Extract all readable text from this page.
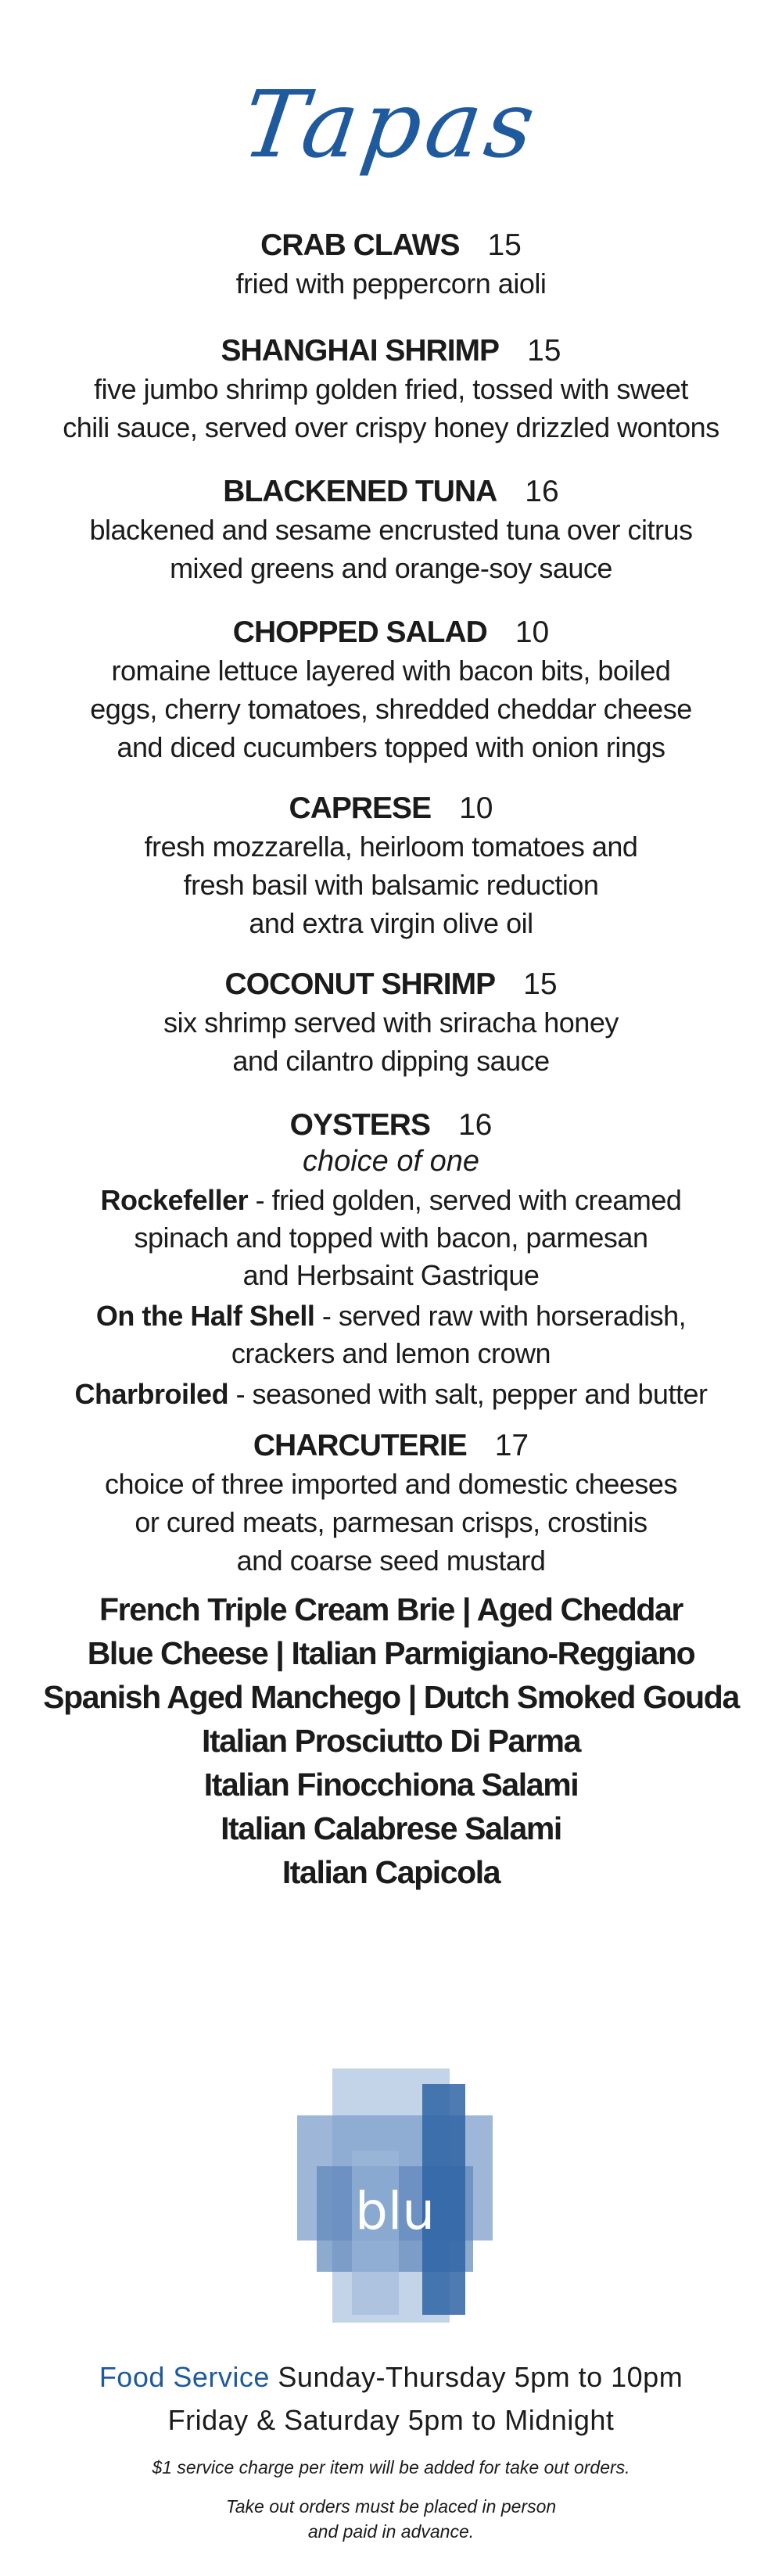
Tapas
CRAB CLAWS 15
fried with peppercorn aioli
SHANGHAI SHRIMP 15
five jumbo shrimp golden fried, tossed with sweet
chili sauce, served over crispy honey drizzled wontons
BLACKENED TUNA 16
blackened and sesame encrusted tuna over citrus
mixed greens and orange-soy sauce
CHOPPED SALAD 10
romaine lettuce layered with bacon bits, boiled
eggs, cherry tomatoes, shredded cheddar cheese
and diced cucumbers topped with onion rings
CAPRESE 10
fresh mozzarella, heirloom tomatoes and
fresh basil with balsamic reduction
and extra virgin olive oil
COCONUT SHRIMP 15
six shrimp served with sriracha honey
and cilantro dipping sauce
OYSTERS 16
choice of one
Rockefeller - fried golden, served with creamed
spinach and topped with bacon, parmesan
and Herbsaint Gastrique
On the Half Shell - served raw with horseradish,
crackers and lemon crown
Charbroiled - seasoned with salt, pepper and butter
CHARCUTERIE 17
choice of three imported and domestic cheeses
or cured meats, parmesan crisps, crostinis
and coarse seed mustard
French Triple Cream Brie | Aged Cheddar
Blue Cheese | Italian Parmigiano-Reggiano
Spanish Aged Manchego | Dutch Smoked Gouda
Italian Prosciutto Di Parma
Italian Finocchiona Salami
Italian Calabrese Salami
Italian Capicola
blu
Food Service Sunday-Thursday 5pm to 10pm
Friday & Saturday 5pm to Midnight
$1 service charge per item will be added for take out orders.
Take out orders must be placed in person
and paid in advance.
